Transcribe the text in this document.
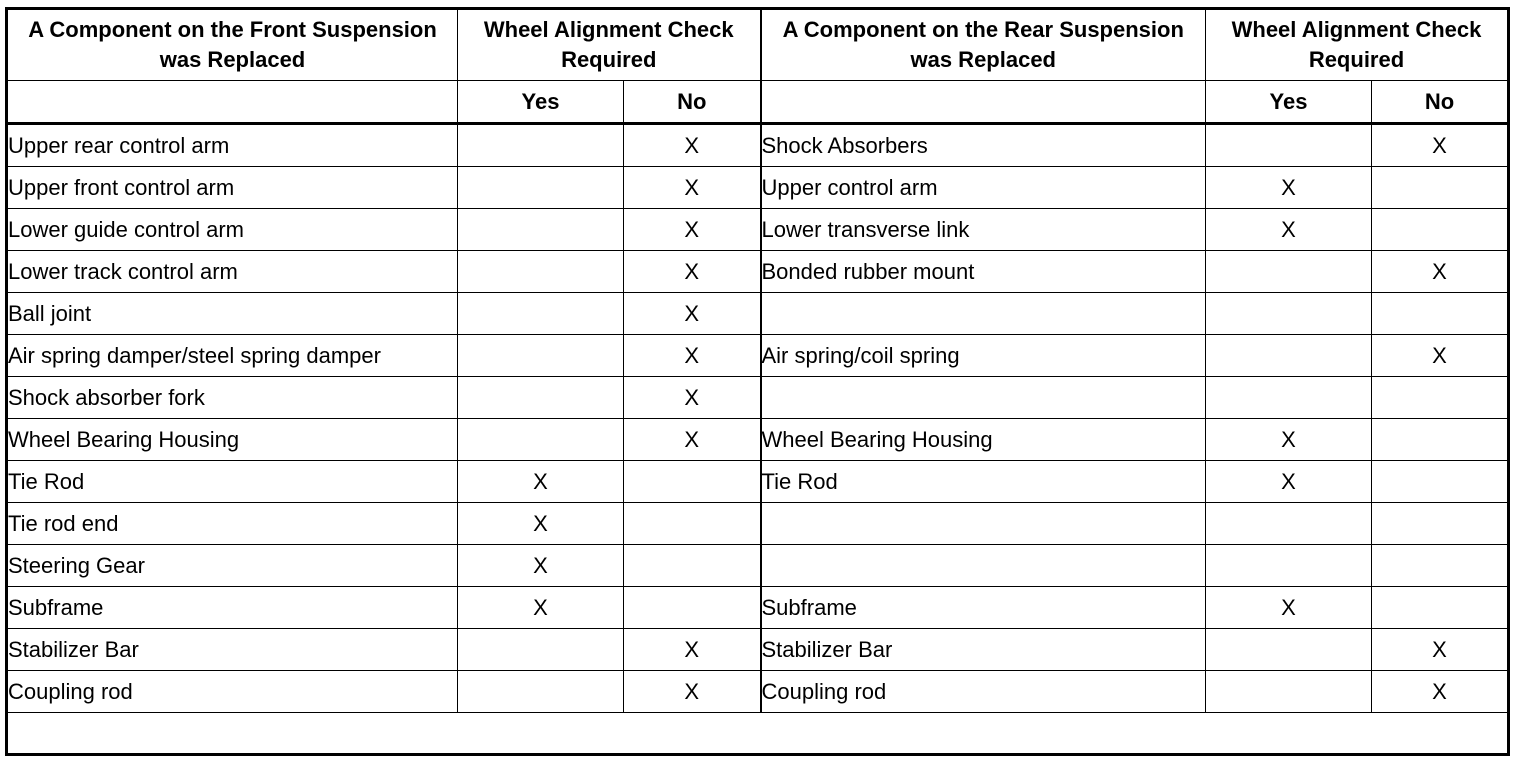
A Component on the Front Suspension was Replaced	Wheel Alignment Check Required		A Component on the Rear Suspension was Replaced	Wheel Alignment Check Required	
	Yes	No		Yes	No
Upper rear control arm		X	Shock Absorbers		X
Upper front control arm		X	Upper control arm	X	
Lower guide control arm		X	Lower transverse link	X	
Lower track control arm		X	Bonded rubber mount		X
Ball joint		X			
Air spring damper/steel spring damper		X	Air spring/coil spring		X
Shock absorber fork		X			
Wheel Bearing Housing		X	Wheel Bearing Housing	X	
Tie Rod	X		Tie Rod	X	
Tie rod end	X				
Steering Gear	X				
Subframe	X		Subframe	X	
Stabilizer Bar		X	Stabilizer Bar		X
Coupling rod		X	Coupling rod		X
